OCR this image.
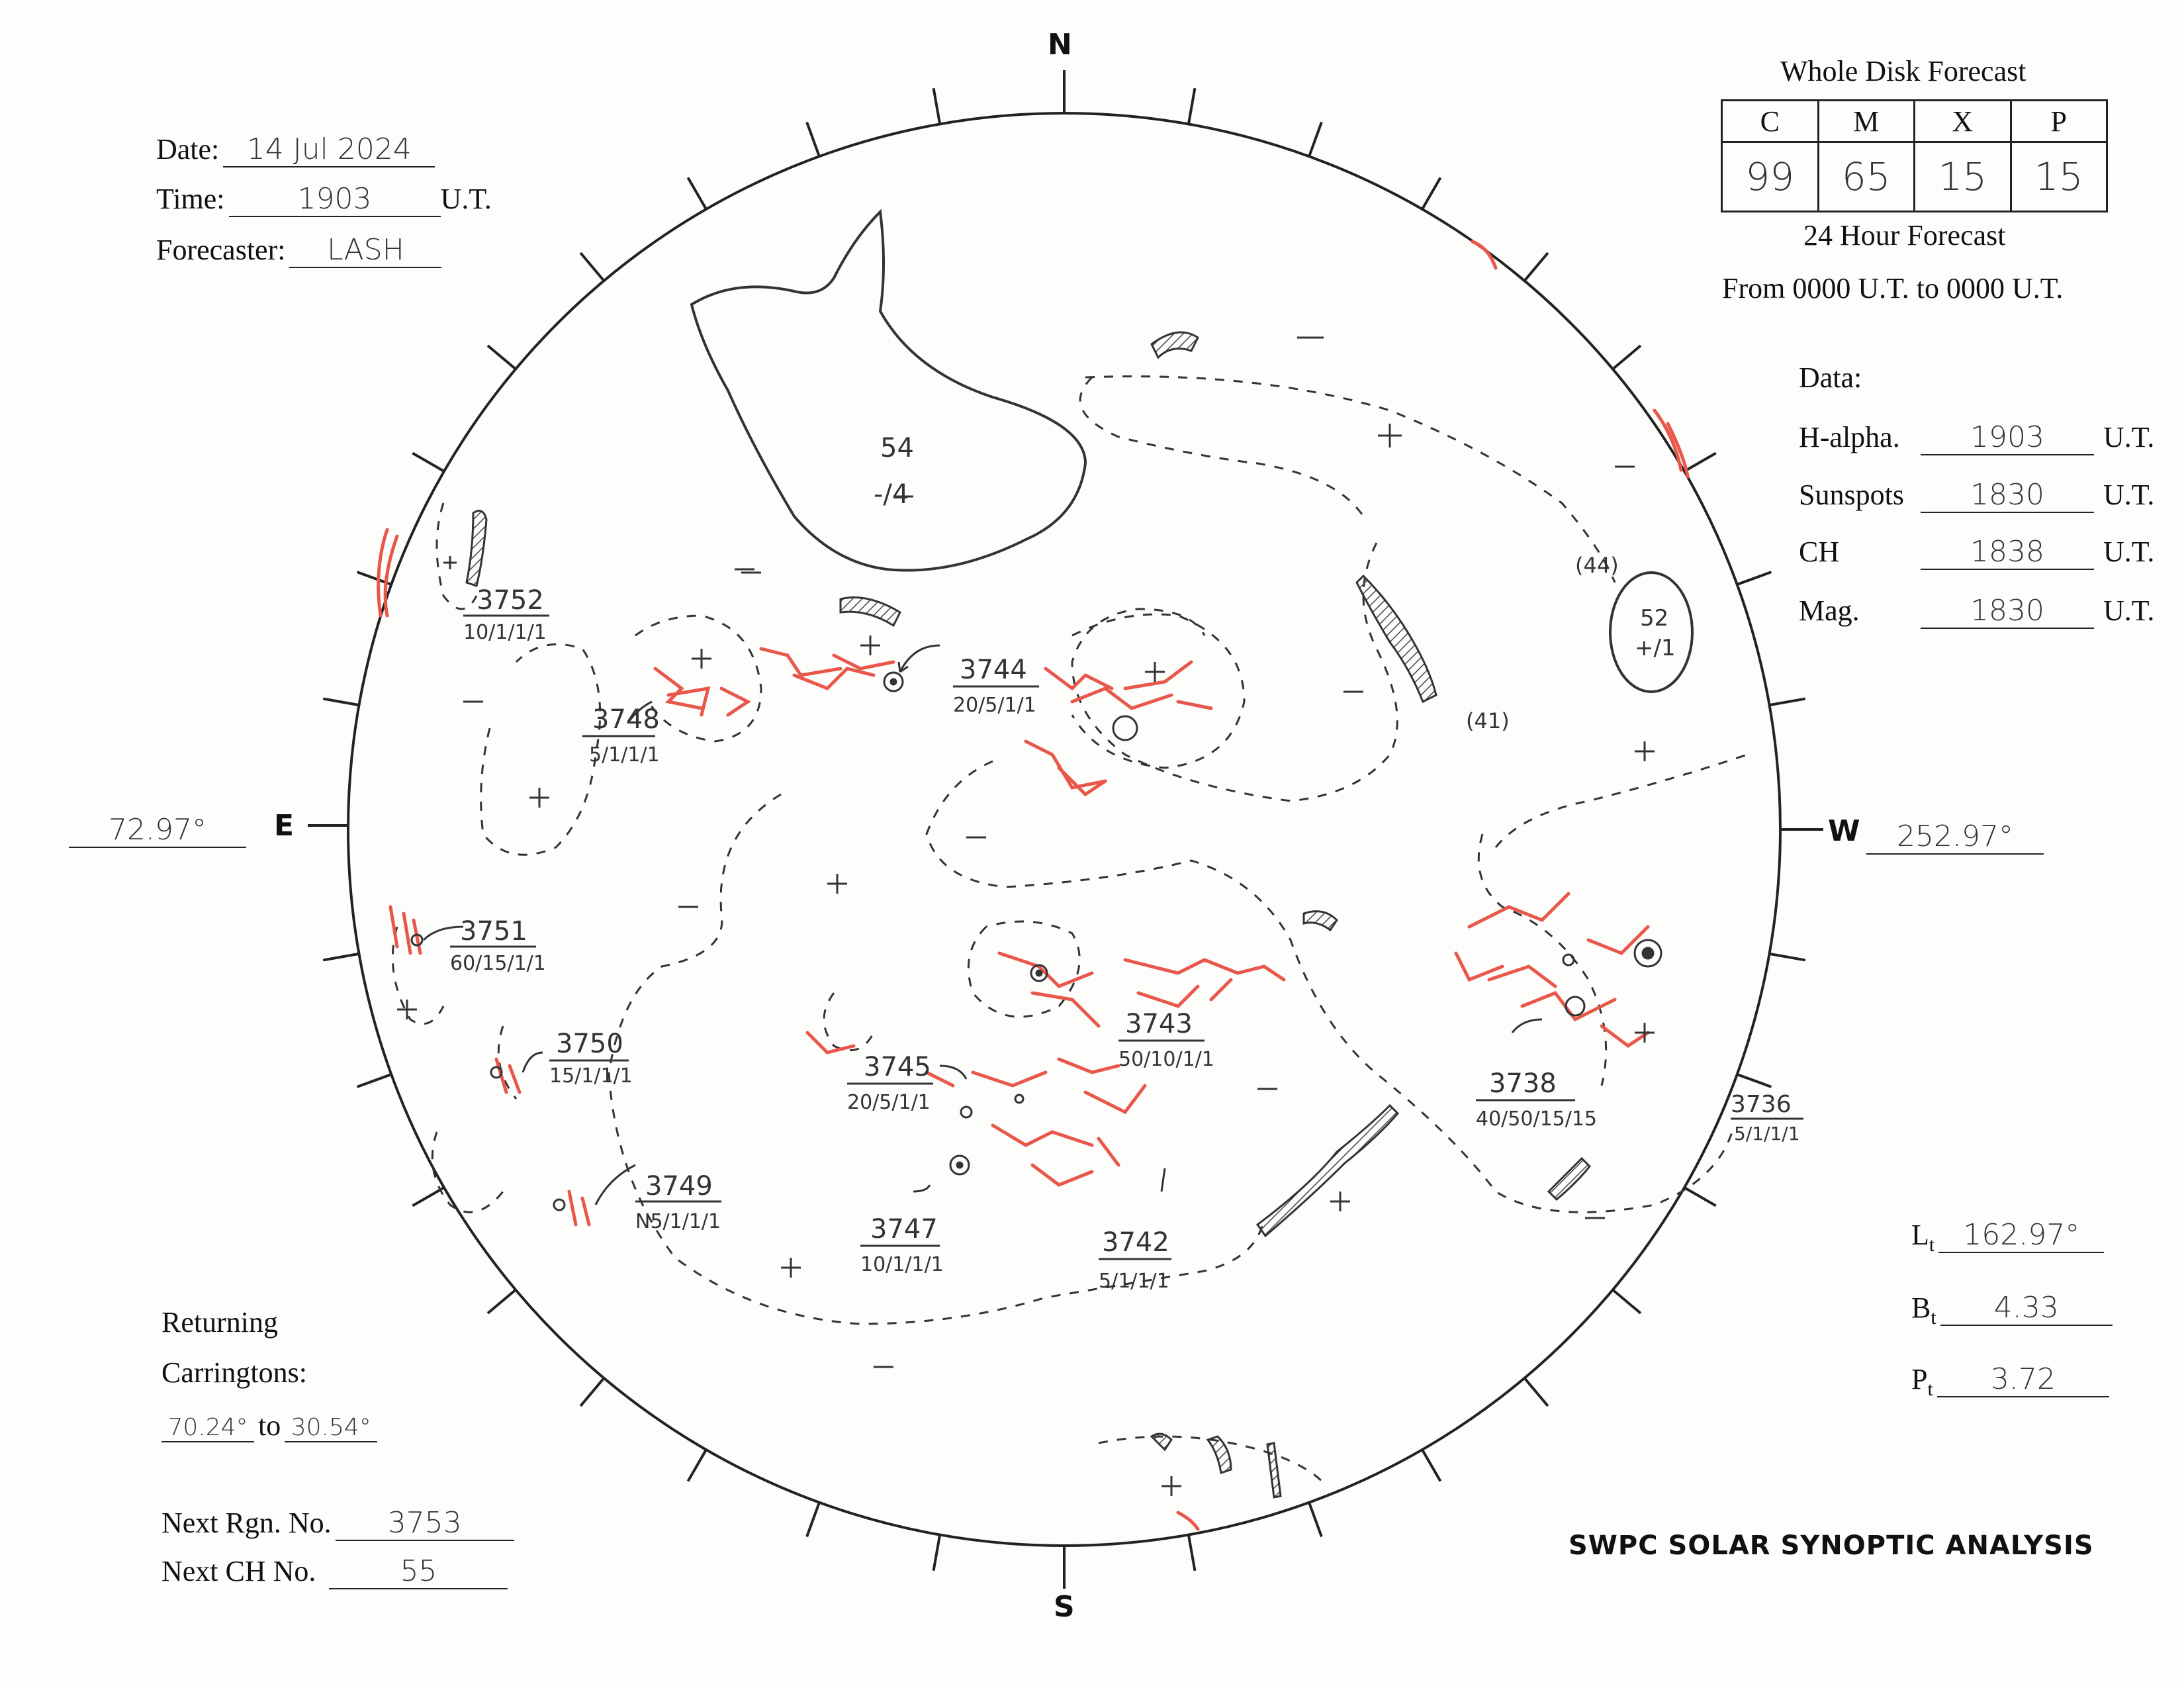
Date: 14 Jul 2024
Time:	1903	U.T.
Forecaster:	LASH
Whole Disk Forecast
C	M	X	P
99	65	15	15
24 Hour Forecast
From 0000 U.T. to 0000 U.T.
Data:
H-alpha.	1903	U.T.
Sunspots	1830	U.T.
CH	1838	U.T.
Mag.	1830	U.T.
N
S
E	W
72.97°	252.97°
54
-/4
52
+/1
(44)
(41)
3752
10/1/1/1
3748
5/1/1/1
3744
20/5/1/1
3751
60/15/1/1
3750
15/1/1/1
3749
N5/1/1/1
3745
20/5/1/1
3743
50/10/1/1
3747
10/1/1/1
3742
5/1/1/1
3738
40/50/15/15
3736
5/1/1/1
$L_t$ 162.97°
$B_t$	4.33
$P_t$	3.72
Returning
Carringtons:
70.24° to 30.54°
Next Rgn. No.	3753
Next CH No.	55
SWPC SOLAR SYNOPTIC ANALYSIS
